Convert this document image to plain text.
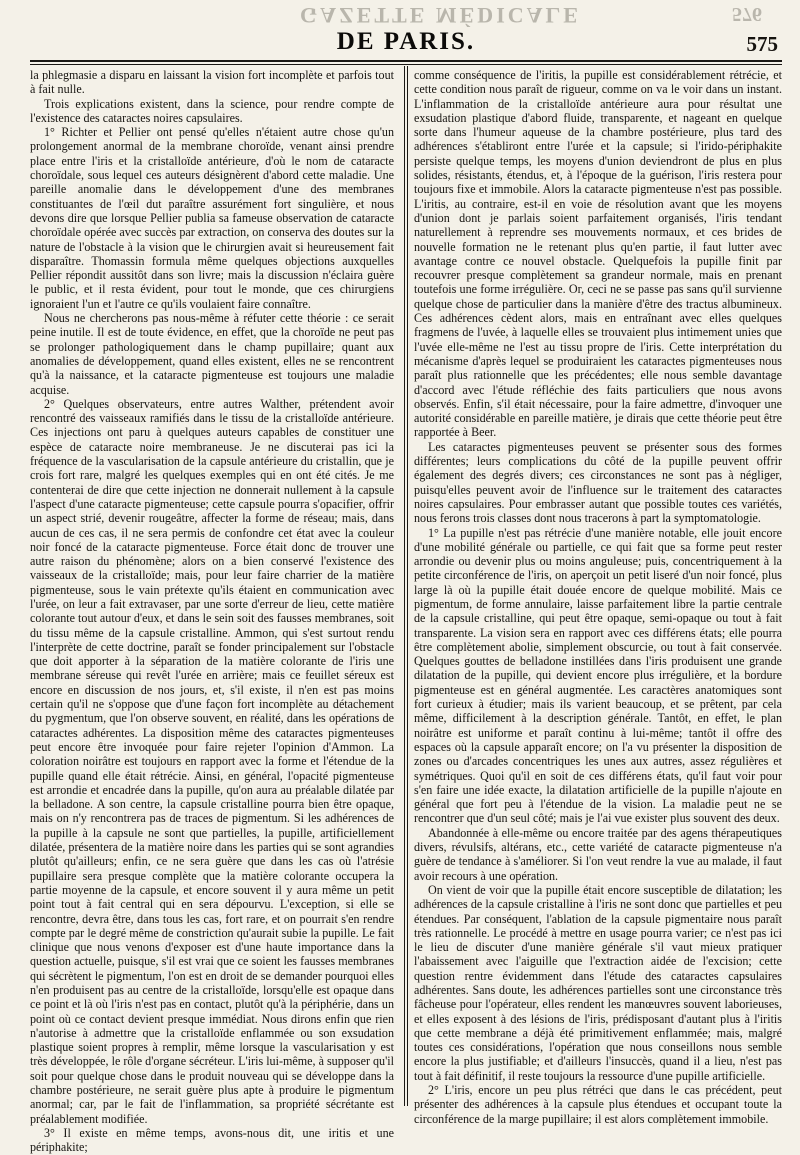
GAZETTE MÉDICALE	576
DE PARIS.	575

la phlegmasie a disparu en laissant la vision fort incomplète et parfois tout à fait nulle.

Trois explications existent, dans la science, pour rendre compte de l'existence des cataractes noires capsulaires.

1° Richter et Pellier ont pensé qu'elles n'étaient autre chose qu'un prolongement anormal de la membrane choroïde, venant ainsi prendre place entre l'iris et la cristalloïde antérieure, d'où le nom de cataracte choroïdale, sous lequel ces auteurs désignèrent d'abord cette maladie. Une pareille anomalie dans le développement d'une des membranes constituantes de l'œil dut paraître assurément fort singulière, et nous devons dire que lorsque Pellier publia sa fameuse observation de cataracte choroïdale opérée avec succès par extraction, on conserva des doutes sur la nature de l'obstacle à la vision que le chirurgien avait si heureusement fait disparaître. Thomassin formula même quelques objections auxquelles Pellier répondit aussitôt dans son livre; mais la discussion n'éclaira guère le public, et il resta évident, pour tout le monde, que ces chirurgiens ignoraient l'un et l'autre ce qu'ils voulaient faire connaître.

Nous ne chercherons pas nous-même à réfuter cette théorie : ce serait peine inutile. Il est de toute évidence, en effet, que la choroïde ne peut pas se prolonger pathologiquement dans le champ pupillaire; quant aux anomalies de développement, quand elles existent, elles ne se rencontrent qu'à la naissance, et la cataracte pigmenteuse est toujours une maladie acquise.

2° Quelques observateurs, entre autres Walther, prétendent avoir rencontré des vaisseaux ramifiés dans le tissu de la cristalloïde antérieure. Ces injections ont paru à quelques auteurs capables de constituer une espèce de cataracte noire membraneuse. Je ne discuterai pas ici la fréquence de la vascularisation de la capsule antérieure du cristallin, que je crois fort rare, malgré les quelques exemples qui en ont été cités. Je me contenterai de dire que cette injection ne donnerait nullement à la capsule l'aspect d'une cataracte pigmenteuse; cette capsule pourra s'opacifier, offrir un aspect strié, devenir rougeâtre, affecter la forme de réseau; mais, dans aucun de ces cas, il ne sera permis de confondre cet état avec la couleur noir foncé de la cataracte pigmenteuse. Force était donc de trouver une autre raison du phénomène; alors on a bien conservé l'existence des vaisseaux de la cristalloïde; mais, pour leur faire charrier de la matière pigmenteuse, sous le vain prétexte qu'ils étaient en communication avec l'urée, on leur a fait extravaser, par une sorte d'erreur de lieu, cette matière colorante tout autour d'eux, et dans le sein soit des fausses membranes, soit du tissu même de la capsule cristalline. Ammon, qui s'est surtout rendu l'interprète de cette doctrine, paraît se fonder principalement sur l'obstacle que doit apporter à la séparation de la matière colorante de l'iris une membrane séreuse qui revêt l'urée en arrière; mais ce feuillet séreux est encore en discussion de nos jours, et, s'il existe, il n'en est pas moins certain qu'il ne s'oppose que d'une façon fort incomplète au détachement du pygmentum, que l'on observe souvent, en réalité, dans les opérations de cataractes adhérentes. La disposition même des cataractes pigmenteuses peut encore être invoquée pour faire rejeter l'opinion d'Ammon. La coloration noirâtre est toujours en rapport avec la forme et l'étendue de la pupille quand elle était rétrécie. Ainsi, en général, l'opacité pigmenteuse est arrondie et encadrée dans la pupille, qu'on aura au préalable dilatée par la belladone. A son centre, la capsule cristalline pourra bien être opaque, mais on n'y rencontrera pas de traces de pigmentum. Si les adhérences de la pupille à la capsule ne sont que partielles, la pupille, artificiellement dilatée, présentera de la matière noire dans les parties qui se sont agrandies plutôt qu'ailleurs; enfin, ce ne sera guère que dans les cas où l'atrésie pupillaire sera presque complète que la matière colorante occupera la partie moyenne de la capsule, et encore souvent il y aura même un petit point tout à fait central qui en sera dépourvu. L'exception, si elle se rencontre, devra être, dans tous les cas, fort rare, et on pourrait s'en rendre compte par le degré même de constriction qu'aurait subie la pupille. Le fait clinique que nous venons d'exposer est d'une haute importance dans la question actuelle, puisque, s'il est vrai que ce soient les fausses membranes qui sécrètent le pigmentum, l'on est en droit de se demander pourquoi elles n'en produisent pas au centre de la cristalloïde, lorsqu'elle est opaque dans ce point et là où l'iris n'est pas en contact, plutôt qu'à la périphérie, dans un point où ce contact devient presque immédiat. Nous dirons enfin que rien n'autorise à admettre que la cristalloïde enflammée ou son exsudation plastique soient propres à remplir, même lorsque la vascularisation y est très développée, le rôle d'organe sécréteur. L'iris lui-même, à supposer qu'il soit pour quelque chose dans le produit nouveau qui se développe dans la chambre postérieure, ne serait guère plus apte à produire le pigmentum anormal; car, par le fait de l'inflammation, sa propriété sécrétante est préalablement modifiée.

3° Il existe en même temps, avons-nous dit, une iritis et une périphakite;

comme conséquence de l'iritis, la pupille est considérablement rétrécie, et cette condition nous paraît de rigueur, comme on va le voir dans un instant. L'inflammation de la cristalloïde antérieure aura pour résultat une exsudation plastique d'abord fluide, transparente, et nageant en quelque sorte dans l'humeur aqueuse de la chambre postérieure, plus tard des adhérences s'établiront entre l'urée et la capsule; si l'irido-périphakite persiste quelque temps, les moyens d'union deviendront de plus en plus solides, résistants, étendus, et, à l'époque de la guérison, l'iris restera pour toujours fixe et immobile. Alors la cataracte pigmenteuse n'est pas possible. L'iritis, au contraire, est-il en voie de résolution avant que les moyens d'union dont je parlais soient parfaitement organisés, l'iris tendant naturellement à reprendre ses mouvements normaux, et ces brides de nouvelle formation ne le retenant plus qu'en partie, il faut lutter avec avantage contre ce nouvel obstacle. Quelquefois la pupille finit par recouvrer presque complètement sa grandeur normale, mais en prenant toutefois une forme irrégulière. Or, ceci ne se passe pas sans qu'il survienne quelque chose de particulier dans la manière d'être des tractus albumineux. Ces adhérences cèdent alors, mais en entraînant avec elles quelques fragmens de l'uvée, à laquelle elles se trouvaient plus intimement unies que l'uvée elle-même ne l'est au tissu propre de l'iris. Cette interprétation du mécanisme d'après lequel se produiraient les cataractes pigmenteuses nous paraît plus rationnelle que les précédentes; elle nous semble davantage d'accord avec l'étude réfléchie des faits particuliers que nous avons observés. Enfin, s'il était nécessaire, pour la faire admettre, d'invoquer une autorité considérable en pareille matière, je dirais que cette théorie peut être rapportée à Beer.

Les cataractes pigmenteuses peuvent se présenter sous des formes différentes; leurs complications du côté de la pupille peuvent offrir également des degrés divers; ces circonstances ne sont pas à négliger, puisqu'elles peuvent avoir de l'influence sur le traitement des cataractes noires capsulaires. Pour embrasser autant que possible toutes ces variétés, nous ferons trois classes dont nous tracerons à part la symptomatologie.

1° La pupille n'est pas rétrécie d'une manière notable, elle jouit encore d'une mobilité générale ou partielle, ce qui fait que sa forme peut rester arrondie ou devenir plus ou moins anguleuse; puis, concentriquement à la petite circonférence de l'iris, on aperçoit un petit liseré d'un noir foncé, plus large là où la pupille était douée encore de quelque mobilité. Mais ce pigmentum, de forme annulaire, laisse parfaitement libre la partie centrale de la capsule cristalline, qui peut être opaque, semi-opaque ou tout à fait transparente. La vision sera en rapport avec ces différens états; elle pourra être complètement abolie, simplement obscurcie, ou tout à fait conservée. Quelques gouttes de belladone instillées dans l'iris produisent une grande dilatation de la pupille, qui devient encore plus irrégulière, et la bordure pigmenteuse est en général augmentée. Les caractères anatomiques sont fort curieux à étudier; mais ils varient beaucoup, et se prêtent, par cela même, difficilement à la description générale. Tantôt, en effet, le plan noirâtre est uniforme et paraît continu à lui-même; tantôt il offre des espaces où la capsule apparaît encore; on l'a vu présenter la disposition de zones ou d'arcades concentriques les unes aux autres, assez régulières et symétriques. Quoi qu'il en soit de ces différens états, qu'il faut voir pour s'en faire une idée exacte, la dilatation artificielle de la pupille n'ajoute en général que fort peu à l'étendue de la vision. La maladie peut ne se rencontrer que d'un seul côté; mais je l'ai vue exister plus souvent des deux.

Abandonnée à elle-même ou encore traitée par des agens thérapeutiques divers, révulsifs, altérans, etc., cette variété de cataracte pigmenteuse n'a guère de tendance à s'améliorer. Si l'on veut rendre la vue au malade, il faut avoir recours à une opération.

On vient de voir que la pupille était encore susceptible de dilatation; les adhérences de la capsule cristalline à l'iris ne sont donc que partielles et peu étendues. Par conséquent, l'ablation de la capsule pigmentaire nous paraît très rationnelle. Le procédé à mettre en usage pourra varier; ce n'est pas ici le lieu de discuter d'une manière générale s'il vaut mieux pratiquer l'abaissement avec l'aiguille que l'extraction aidée de l'excision; cette question rentre évidemment dans l'étude des cataractes capsulaires adhérentes. Sans doute, les adhérences partielles sont une circonstance très fâcheuse pour l'opérateur, elles rendent les manœuvres souvent laborieuses, et elles exposent à des lésions de l'iris, prédisposant d'autant plus à l'iritis que cette membrane a déjà été primitivement enflammée; mais, malgré toutes ces considérations, l'opération que nous conseillons nous semble encore la plus justifiable; et d'ailleurs l'insuccès, quand il a lieu, n'est pas tout à fait définitif, il reste toujours la ressource d'une pupille artificielle.

2° L'iris, encore un peu plus rétréci que dans le cas précédent, peut présenter des adhérences à la capsule plus étendues et occupant toute la circonférence de la marge pupillaire; il est alors complètement immobile.
